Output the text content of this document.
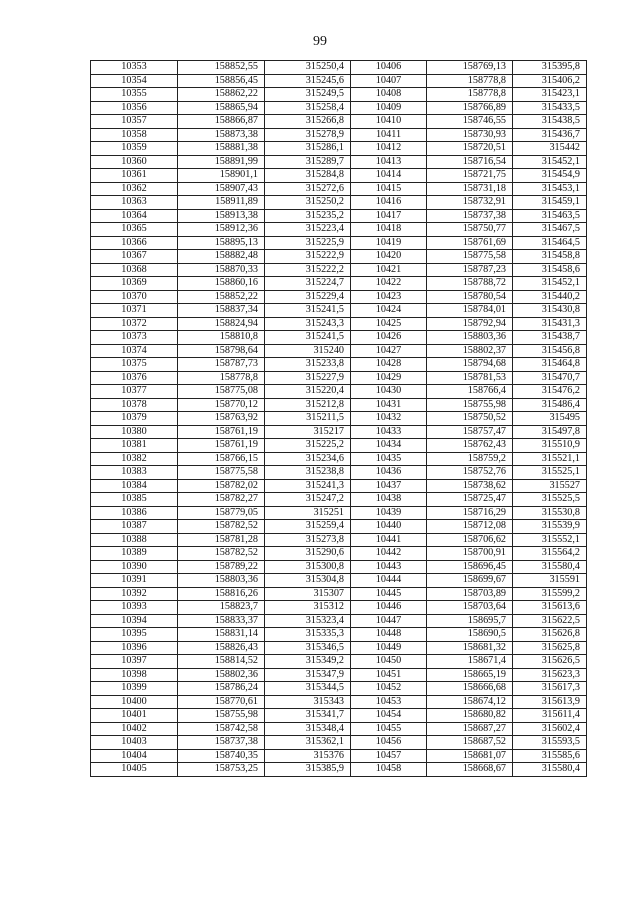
99
10353	158852,55	315250,4	10406	158769,13	315395,8
10354	158856,45	315245,6	10407	158778,8	315406,2
10355	158862,22	315249,5	10408	158778,8	315423,1
10356	158865,94	315258,4	10409	158766,89	315433,5
10357	158866,87	315266,8	10410	158746,55	315438,5
10358	158873,38	315278,9	10411	158730,93	315436,7
10359	158881,38	315286,1	10412	158720,51	315442
10360	158891,99	315289,7	10413	158716,54	315452,1
10361	158901,1	315284,8	10414	158721,75	315454,9
10362	158907,43	315272,6	10415	158731,18	315453,1
10363	158911,89	315250,2	10416	158732,91	315459,1
10364	158913,38	315235,2	10417	158737,38	315463,5
10365	158912,36	315223,4	10418	158750,77	315467,5
10366	158895,13	315225,9	10419	158761,69	315464,5
10367	158882,48	315222,9	10420	158775,58	315458,8
10368	158870,33	315222,2	10421	158787,23	315458,6
10369	158860,16	315224,7	10422	158788,72	315452,1
10370	158852,22	315229,4	10423	158780,54	315440,2
10371	158837,34	315241,5	10424	158784,01	315430,8
10372	158824,94	315243,3	10425	158792,94	315431,3
10373	158810,8	315241,5	10426	158803,36	315438,7
10374	158798,64	315240	10427	158802,37	315456,8
10375	158787,73	315233,8	10428	158794,68	315464,8
10376	158778,8	315227,9	10429	158781,53	315470,7
10377	158775,08	315220,4	10430	158766,4	315476,2
10378	158770,12	315212,8	10431	158755,98	315486,4
10379	158763,92	315211,5	10432	158750,52	315495
10380	158761,19	315217	10433	158757,47	315497,8
10381	158761,19	315225,2	10434	158762,43	315510,9
10382	158766,15	315234,6	10435	158759,2	315521,1
10383	158775,58	315238,8	10436	158752,76	315525,1
10384	158782,02	315241,3	10437	158738,62	315527
10385	158782,27	315247,2	10438	158725,47	315525,5
10386	158779,05	315251	10439	158716,29	315530,8
10387	158782,52	315259,4	10440	158712,08	315539,9
10388	158781,28	315273,8	10441	158706,62	315552,1
10389	158782,52	315290,6	10442	158700,91	315564,2
10390	158789,22	315300,8	10443	158696,45	315580,4
10391	158803,36	315304,8	10444	158699,67	315591
10392	158816,26	315307	10445	158703,89	315599,2
10393	158823,7	315312	10446	158703,64	315613,6
10394	158833,37	315323,4	10447	158695,7	315622,5
10395	158831,14	315335,3	10448	158690,5	315626,8
10396	158826,43	315346,5	10449	158681,32	315625,8
10397	158814,52	315349,2	10450	158671,4	315626,5
10398	158802,36	315347,9	10451	158665,19	315623,3
10399	158786,24	315344,5	10452	158666,68	315617,3
10400	158770,61	315343	10453	158674,12	315613,9
10401	158755,98	315341,7	10454	158680,82	315611,4
10402	158742,58	315348,4	10455	158687,27	315602,4
10403	158737,38	315362,1	10456	158687,52	315593,5
10404	158740,35	315376	10457	158681,07	315585,6
10405	158753,25	315385,9	10458	158668,67	315580,4
